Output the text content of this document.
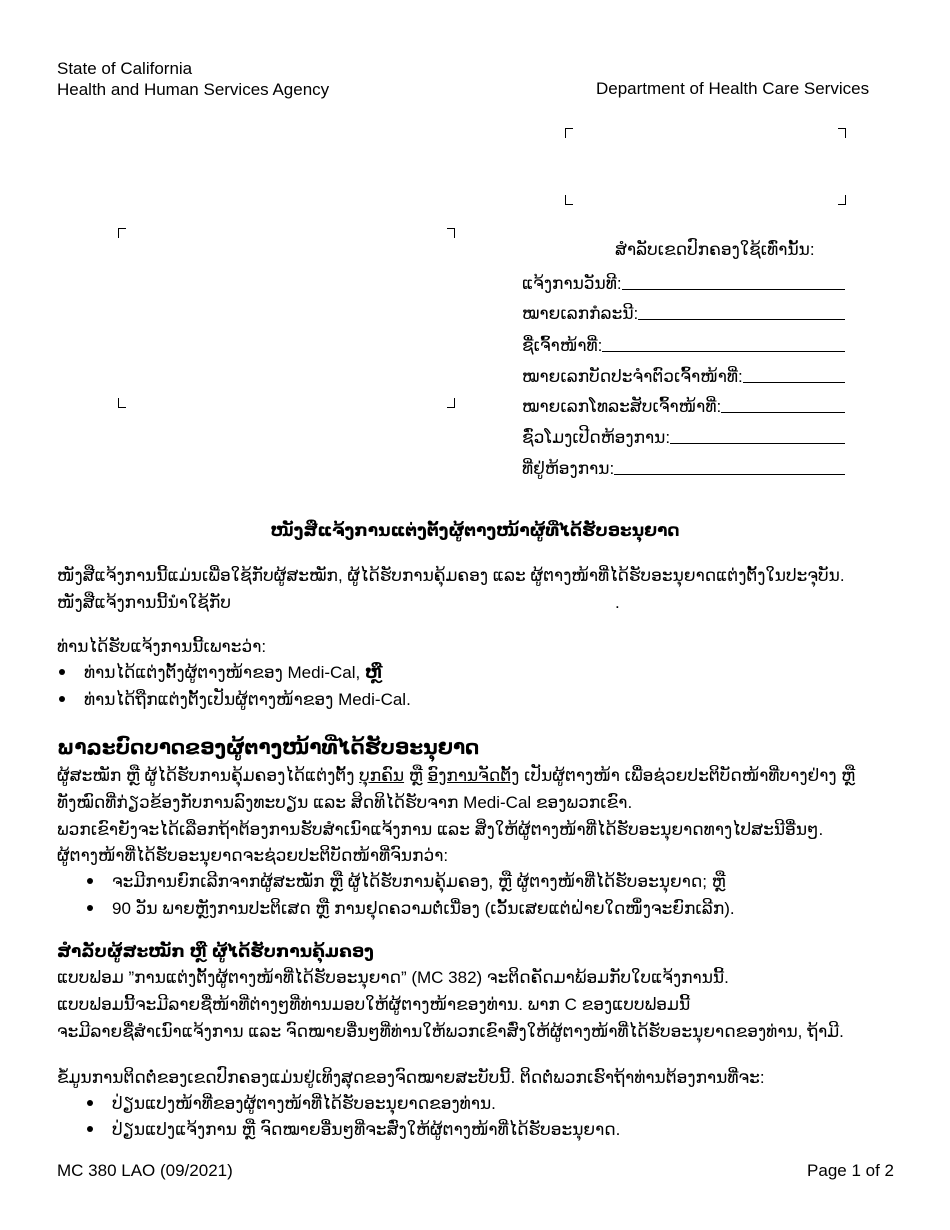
State of California
Health and Human Services Agency	Department of Health Care Services
ສຳລັບເຂດປົກຄອງໃຊ້ເທົ່ານັ້ນ:
ແຈ້ງການວັນທີ:
ໝາຍເລກກໍລະນີ:
ຊື່ເຈົ້າໜ້າທີ່:
ໝາຍເລກບັດປະຈຳຕົວເຈົ້າໜ້າທີ່:
ໝາຍເລກໂທລະສັບເຈົ້າໜ້າທີ່:
ຊົ່ວໂມງເປີດຫ້ອງການ:
ທີ່ຢູ່ຫ້ອງການ:
ໜັງສືແຈ້ງການແຕ່ງຕັ້ງຜູ້ຕາງໜ້າຜູ້ທີ່ໄດ້ຮັບອະນຸຍາດ
ໜັງສືແຈ້ງການນີ້ແມ່ນເພື່ອໃຊ້ກັບຜູ້ສະໝັກ, ຜູ້ໄດ້ຮັບການຄຸ້ມຄອງ ແລະ ຜູ້ຕາງໜ້າທີ່ໄດ້ຮັບອະນຸຍາດແຕ່ງຕັ້ງໃນປະຈຸບັນ.
ໜັງສືແຈ້ງການນີ້ນຳໃຊ້ກັບ	.
ທ່ານໄດ້ຮັບແຈ້ງການນີ້ເພາະວ່າ:
ທ່ານໄດ້ແຕ່ງຕັ້ງຜູ້ຕາງໜ້າຂອງ Medi-Cal, ຫຼື
ທ່ານໄດ້ຖືກແຕ່ງຕັ້ງເປັນຜູ້ຕາງໜ້າຂອງ Medi-Cal.
ພາລະບົດບາດຂອງຜູ້ຕາງໜ້າທີ່ໄດ້ຮັບອະນຸຍາດ
ຜູ້ສະໝັກ ຫຼື ຜູ້ໄດ້ຮັບການຄຸ້ມຄອງໄດ້ແຕ່ງຕັ້ງ ບຸກຄົນ ຫຼື ອົງການຈັດຕັ້ງ ເປັນຜູ້ຕາງໜ້າ ເພື່ອຊ່ວຍປະຕິບັດໜ້າທີ່ບາງຢ່າງ ຫຼື
ທັງໝົດທີ່ກ່ຽວຂ້ອງກັບການລົງທະບຽນ ແລະ ສິດທິໄດ້ຮັບຈາກ Medi-Cal ຂອງພວກເຂົາ.
ພວກເຂົາຍັງຈະໄດ້ເລືອກຖ້າຕ້ອງການຮັບສຳເນົາແຈ້ງການ ແລະ ສິ່ງໃຫ້ຜູ້ຕາງໜ້າທີ່ໄດ້ຮັບອະນຸຍາດທາງໄປສະນີອື່ນໆ.
ຜູ້ຕາງໜ້າທີ່ໄດ້ຮັບອະນຸຍາດຈະຊ່ວຍປະຕິບັດໜ້າທີ່ຈົນກວ່າ:
ຈະມີການຍົກເລີກຈາກຜູ້ສະໝັກ ຫຼື ຜູ້ໄດ້ຮັບການຄຸ້ມຄອງ, ຫຼື ຜູ້ຕາງໜ້າທີ່ໄດ້ຮັບອະນຸຍາດ; ຫຼື
90 ວັນ ພາຍຫຼັງການປະຕິເສດ ຫຼື ການຢຸດຄວາມຕໍ່ເນື່ອງ (ເວັ້ນເສຍແຕ່ຝ່າຍໃດໜຶ່ງຈະຍົກເລີກ).
ສຳລັບຜູ້ສະໝັກ ຫຼື ຜູ້ໄດ້ຮັບການຄຸ້ມຄອງ
ແບບຟອມ ”ການແຕ່ງຕັ້ງຜູ້ຕາງໜ້າທີ່ໄດ້ຮັບອະນຸຍາດ” (MC 382) ຈະຕິດຄັດມາພ້ອມກັບໃບແຈ້ງການນີ້.
ແບບຟອມນີ້ຈະມີລາຍຊື່ໜ້າທີ່ຕ່າງໆທີ່ທ່ານມອບໃຫ້ຜູ້ຕາງໜ້າຂອງທ່ານ. ພາກ C ຂອງແບບຟອມນີ້
ຈະມີລາຍຊື່ສຳເນົາແຈ້ງການ ແລະ ຈົດໝາຍອື່ນໆທີ່ທ່ານໃຫ້ພວກເຂົາສົ່ງໃຫ້ຜູ້ຕາງໜ້າທີ່ໄດ້ຮັບອະນຸຍາດຂອງທ່ານ, ຖ້າມີ.
ຂໍ້ມູນການຕິດຕໍ່ຂອງເຂດປົກຄອງແມ່ນຢູ່ເທິງສຸດຂອງຈົດໝາຍສະບັບນີ້. ຕິດຕໍ່ພວກເຮົາຖ້າທ່ານຕ້ອງການທີ່ຈະ:
ປ່ຽນແປງໜ້າທີ່ຂອງຜູ້ຕາງໜ້າທີ່ໄດ້ຮັບອະນຸຍາດຂອງທ່ານ.
ປ່ຽນແປງແຈ້ງການ ຫຼື ຈົດໝາຍອື່ນໆທີ່ຈະສົ່ງໃຫ້ຜູ້ຕາງໜ້າທີ່ໄດ້ຮັບອະນຸຍາດ.
MC 380 LAO (09/2021)	Page 1 of 2
